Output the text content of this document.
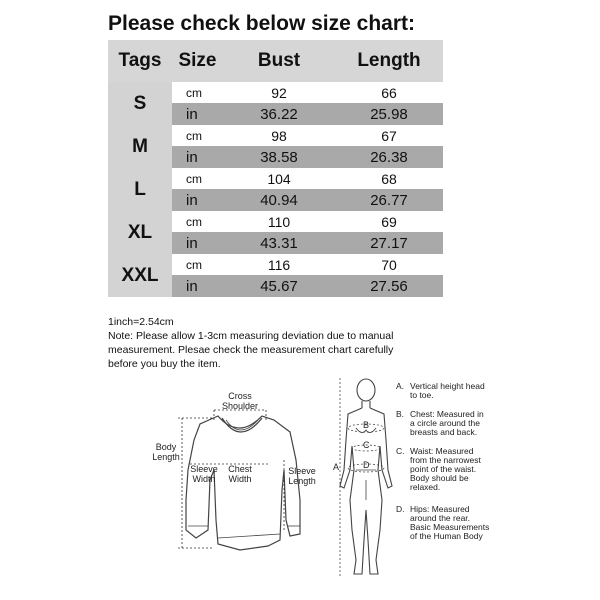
Please check below size chart:
Tags	Size	Bust	Length
S	cm	92	66
	in	36.22	25.98
M	cm	98	67
	in	38.58	26.38
L	cm	104	68
	in	40.94	26.77
XL	cm	110	69
	in	43.31	27.17
XXL	cm	116	70
	in	45.67	27.56
1inch=2.54cm
Note: Please allow 1-3cm measuring deviation due to manual
measurement. Plesae check the measurement chart carefully
before you buy the item.
Cross
Shoulder
Body
Length
Sleeve
Width
Chest
Width
Sleeve
Length
A
B
C
D
A. Vertical height head
to toe.
B. Chest: Measured in
a circle around the
breasts and back.
C. Waist: Measured
from the narrowest
point of the waist.
Body should be
relaxed.
D. Hips: Measured
around the rear.
Basic Measurements
of the Human Body
